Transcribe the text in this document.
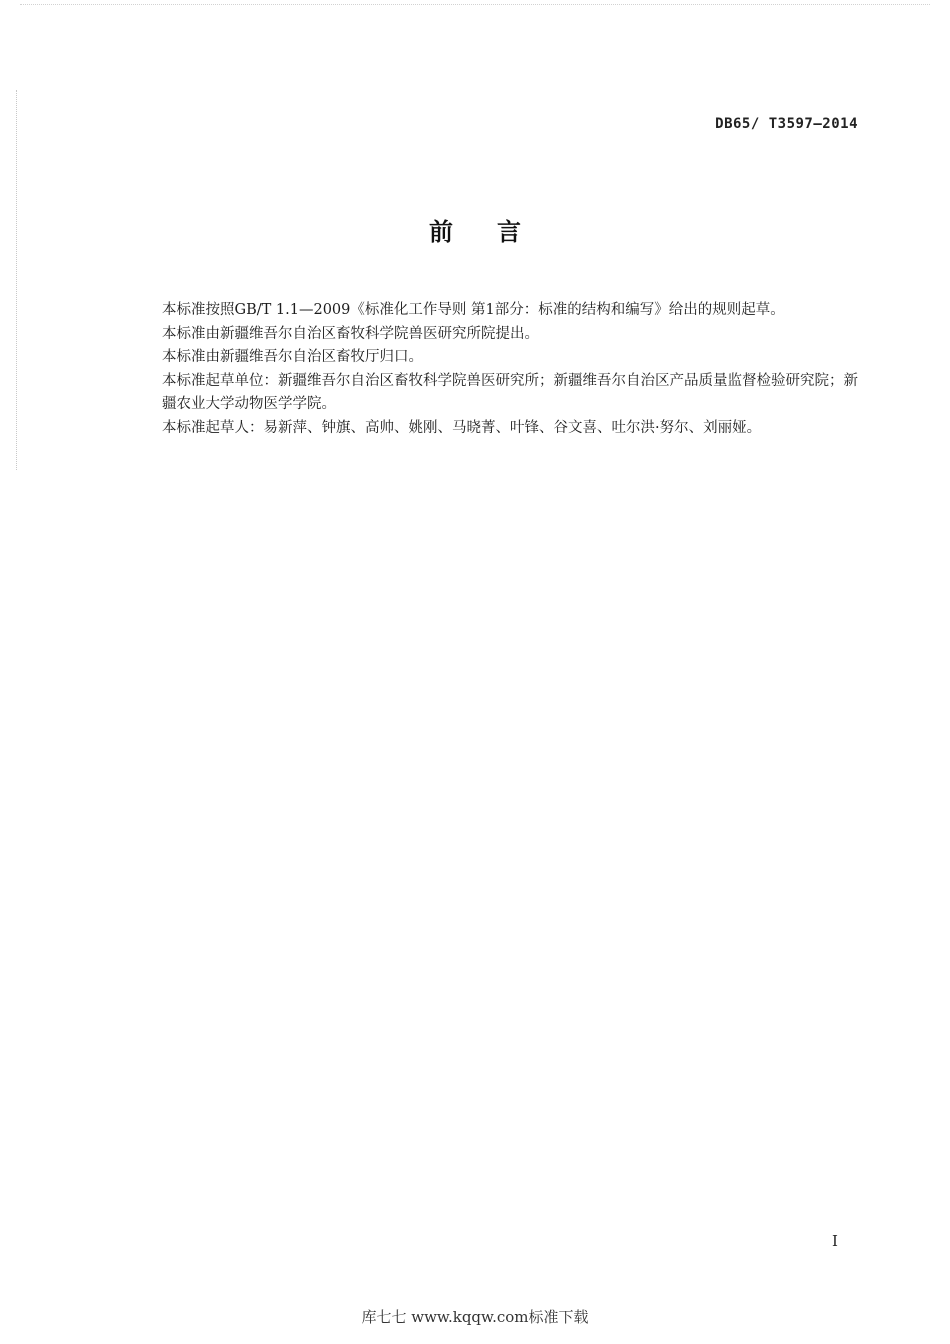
DB65/ T3597—2014
前言

本标准按照GB/T 1.1—2009《标准化工作导则 第1部分：标准的结构和编写》给出的规则起草。

本标准由新疆维吾尔自治区畜牧科学院兽医研究所院提出。

本标准由新疆维吾尔自治区畜牧厅归口。

本标准起草单位：新疆维吾尔自治区畜牧科学院兽医研究所；新疆维吾尔自治区产品质量监督检验研究院；新疆农业大学动物医学学院。

本标准起草人：易新萍、钟旗、高帅、姚刚、马晓菁、叶锋、谷文喜、吐尔洪·努尔、刘丽娅。

I
库七七 www.kqqw.com标准下载
